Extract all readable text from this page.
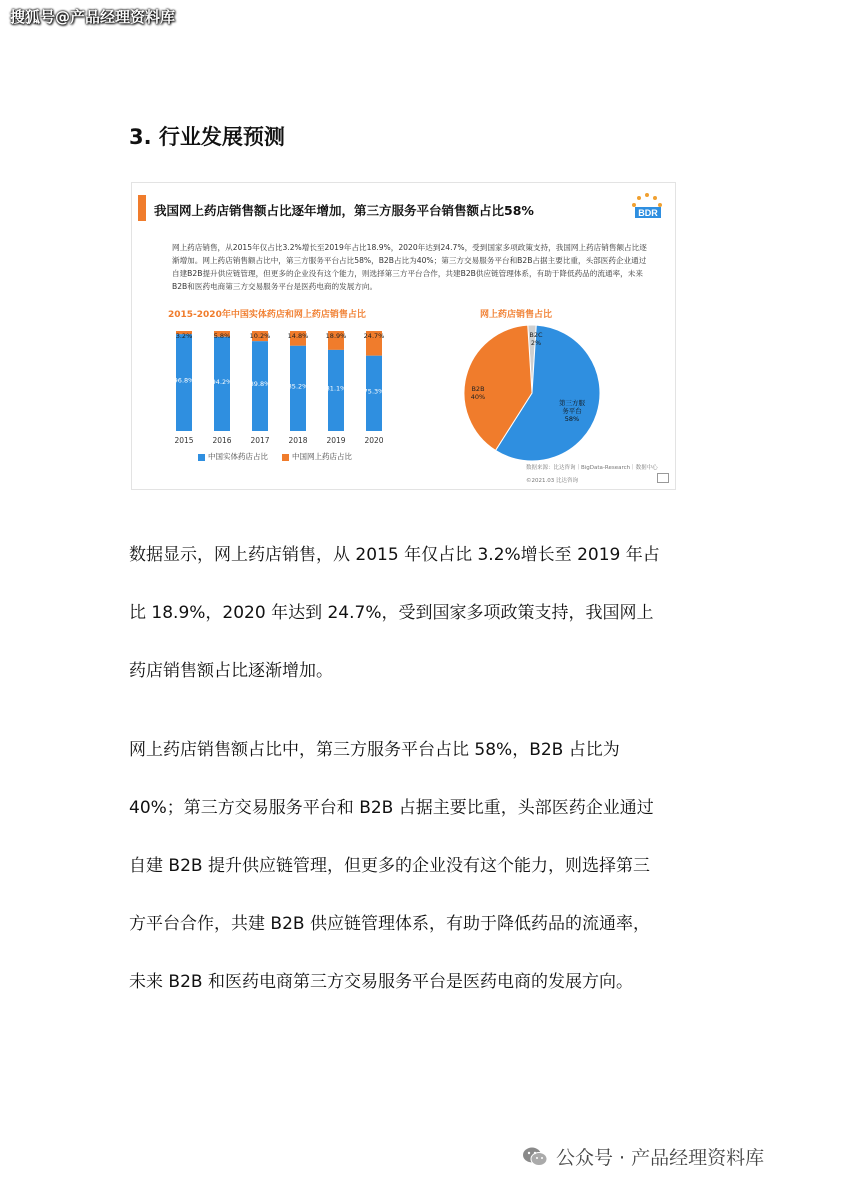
搜狐号@产品经理资料库
3. 行业发展预测
我国网上药店销售额占比逐年增加，第三方服务平台销售额占比58%	BDR
网上药店销售，从2015年仅占比3.2%增长至2019年占比18.9%，2020年达到24.7%，受到国家多项政策支持，我国网上药店销售额占比逐渐增加。网上药店销售额占比中，第三方服务平台占比58%，B2B占比为40%；第三方交易服务平台和B2B占据主要比重，头部医药企业通过自建B2B提升供应链管理，但更多的企业没有这个能力，则选择第三方平台合作，共建B2B供应链管理体系，有助于降低药品的流通率，未来B2B和医药电商第三方交易服务平台是医药电商的发展方向。
2015-2020年中国实体药店和网上药店销售占比
3.2%
96.8%
2015
5.8%
94.2%
2016
10.2%
89.8%
2017
14.8%
85.2%
2018
18.9%
81.1%
2019
24.7%
75.3%
2020
中国实体药店占比	中国网上药店占比
网上药店销售占比
B2C
2%
第三方服
务平台
58%
B2B
40%
数据来源：比达咨询｜BigData-Research｜数据中心
©2021.03 比达咨询
数据显示，网上药店销售，从 2015 年仅占比 3.2%增长至 2019 年占
比 18.9%，2020 年达到 24.7%，受到国家多项政策支持，我国网上
药店销售额占比逐渐增加。
网上药店销售额占比中，第三方服务平台占比 58%，B2B 占比为
40%；第三方交易服务平台和 B2B 占据主要比重，头部医药企业通过
自建 B2B 提升供应链管理，但更多的企业没有这个能力，则选择第三
方平台合作，共建 B2B 供应链管理体系，有助于降低药品的流通率，
未来 B2B 和医药电商第三方交易服务平台是医药电商的发展方向。
公众号 · 产品经理资料库
